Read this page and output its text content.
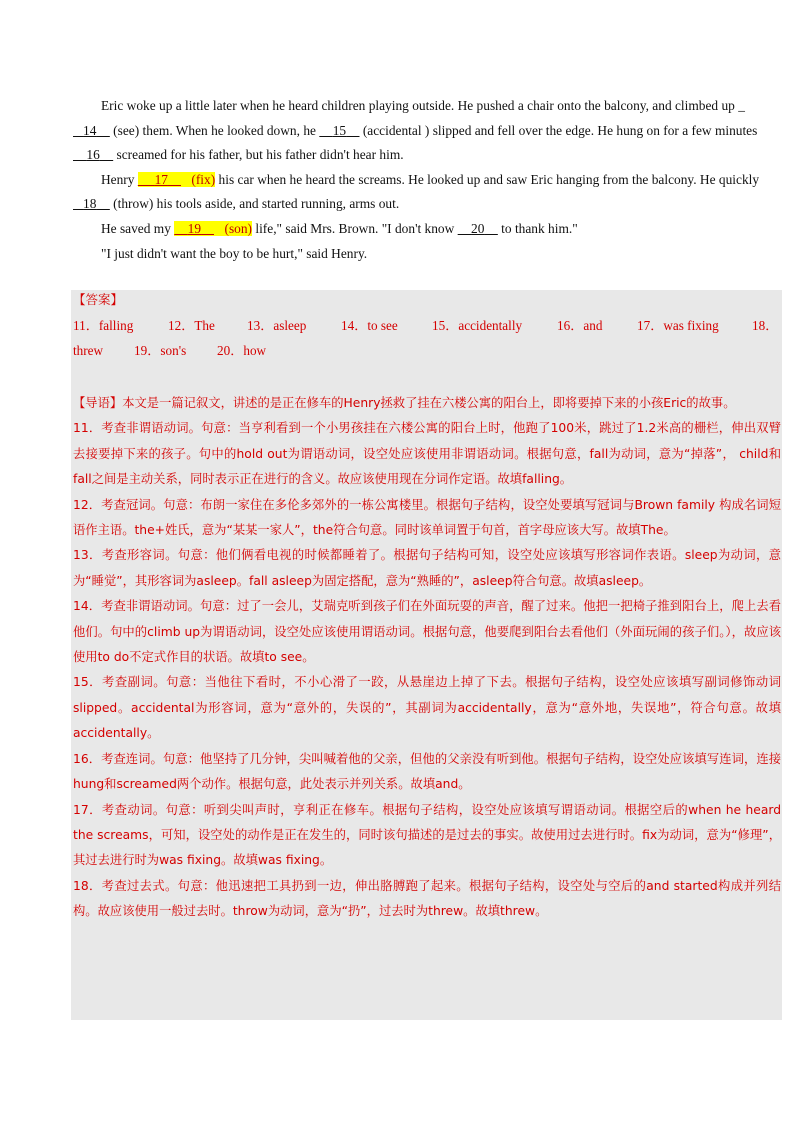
Eric woke up a little later when he heard children playing outside. He pushed a chair onto the balcony, and climbed up _
14     (see) them. When he looked down, he     15     (accidental ) slipped and fell over the edge. He hung on for a few minutes     16     screamed for his father, but his father didn't hear him.

Henry      17 (fix) his car when he heard the screams. He looked up and saw Eric hanging from the balcony. He quickly    18     (throw) his tools aside, and started running, arms out.

He saved my     19 (son) life," said Mrs. Brown. "I don't know     20     to thank him."

"I just didn't want the boy to be hurt," said Henry.

【答案】
11．falling	12．The 13．asleep	14．to see	15．accidentally	16．and	17．was fixing	18．
threw 19．son's 20．how

【导语】本文是一篇记叙文，讲述的是正在修车的Henry拯救了挂在六楼公寓的阳台上，即将要掉下来的小孩Eric的故事。

11．考查非谓语动词。句意：当亨利看到一个小男孩挂在六楼公寓的阳台上时，他跑了100米，跳过了1.2米高的栅栏，伸出双臂去接要掉下来的孩子。句中的hold out为谓语动词，设空处应该使用非谓语动词。根据句意，fall为动词，意为“掉落”， child和fall之间是主动关系，同时表示正在进行的含义。故应该使用现在分词作定语。故填falling。

12．考查冠词。句意：布朗一家住在多伦多郊外的一栋公寓楼里。根据句子结构，设空处要填写冠词与Brown family 构成名词短语作主语。the+姓氏，意为“某某一家人”，the符合句意。同时该单词置于句首，首字母应该大写。故填The。

13．考查形容词。句意：他们俩看电视的时候都睡着了。根据句子结构可知，设空处应该填写形容词作表语。sleep为动词，意为“睡觉”，其形容词为asleep。fall asleep为固定搭配，意为“熟睡的”，asleep符合句意。故填asleep。

14．考查非谓语动词。句意：过了一会儿，艾瑞克听到孩子们在外面玩耍的声音，醒了过来。他把一把椅子推到阳台上，爬上去看他们。句中的climb up为谓语动词，设空处应该使用谓语动词。根据句意，他要爬到阳台去看他们（外面玩闹的孩子们。），故应该使用to do不定式作目的状语。故填to see。

15．考查副词。句意：当他往下看时，不小心滑了一跤，从悬崖边上掉了下去。根据句子结构，设空处应该填写副词修饰动词slipped。accidental为形容词，意为“意外的，失误的”，其副词为accidentally，意为“意外地，失误地”，符合句意。故填accidentally。

16．考查连词。句意：他坚持了几分钟，尖叫喊着他的父亲，但他的父亲没有听到他。根据句子结构，设空处应该填写连词，连接hung和screamed两个动作。根据句意，此处表示并列关系。故填and。

17．考查动词。句意：听到尖叫声时，亨利正在修车。根据句子结构，设空处应该填写谓语动词。根据空后的when he heard the screams，可知，设空处的动作是正在发生的，同时该句描述的是过去的事实。故使用过去进行时。fix为动词，意为“修理”，其过去进行时为was fixing。故填was fixing。

18．考查过去式。句意：他迅速把工具扔到一边，伸出胳膊跑了起来。根据句子结构，设空处与空后的and started构成并列结构。故应该使用一般过去时。throw为动词，意为“扔”，过去时为threw。故填threw。
